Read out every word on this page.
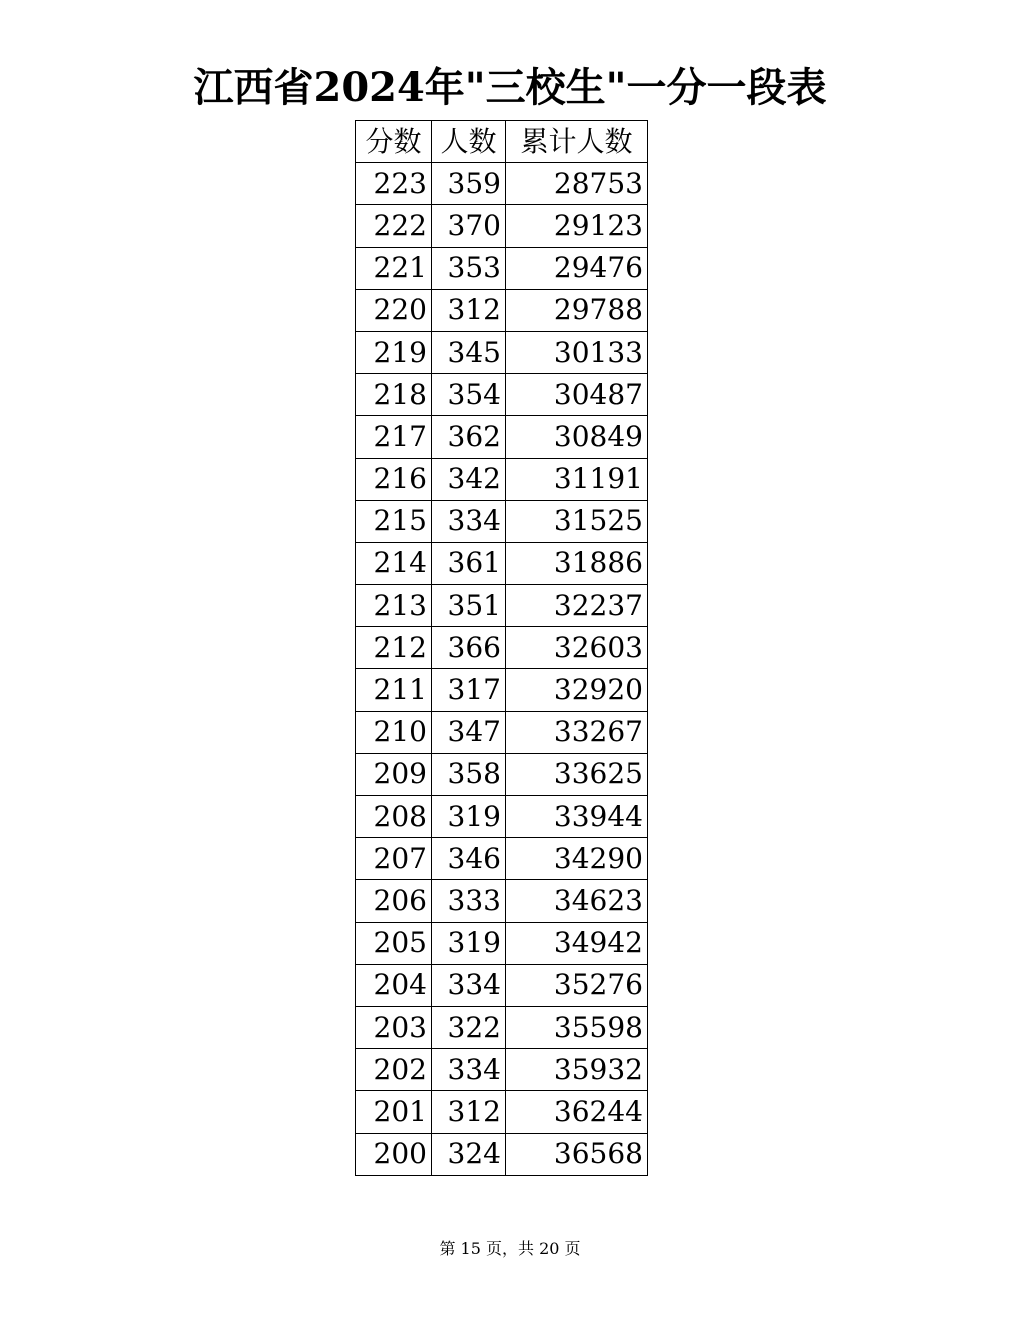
江西省2024年"三校生"一分一段表
分数	人数	累计人数
223	359	28753
222	370	29123
221	353	29476
220	312	29788
219	345	30133
218	354	30487
217	362	30849
216	342	31191
215	334	31525
214	361	31886
213	351	32237
212	366	32603
211	317	32920
210	347	33267
209	358	33625
208	319	33944
207	346	34290
206	333	34623
205	319	34942
204	334	35276
203	322	35598
202	334	35932
201	312	36244
200	324	36568
第 15 页，共 20 页
